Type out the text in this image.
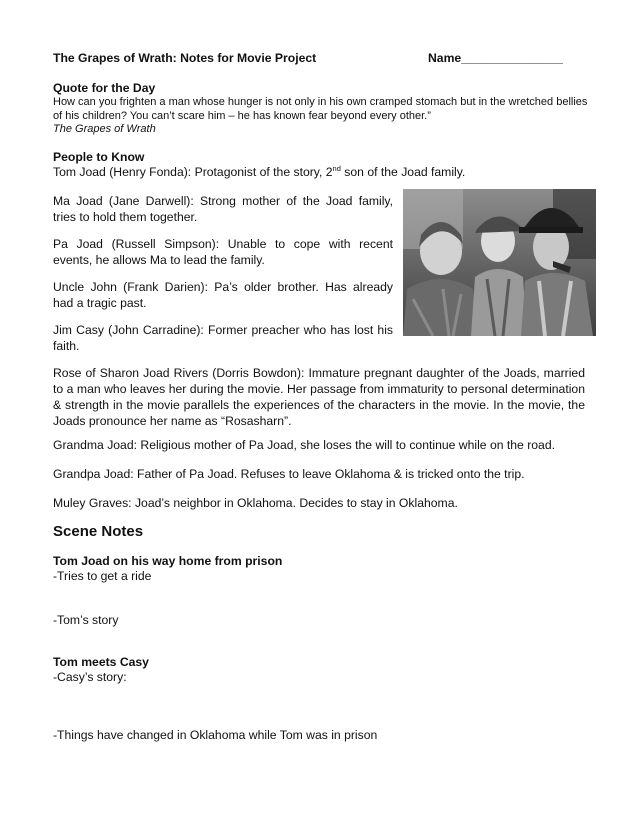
The Grapes of Wrath: Notes for Movie Project	Name_______________
Quote for the Day
How can you frighten a man whose hunger is not only in his own cramped stomach but in the wretched bellies of his children? You can’t scare him – he has known fear beyond every other.”
The Grapes of Wrath
People to Know
Tom Joad (Henry Fonda): Protagonist of the story, 2nd son of the Joad family.
Ma Joad (Jane Darwell): Strong mother of the Joad family, tries to hold them together.
Pa Joad (Russell Simpson): Unable to cope with recent events, he allows Ma to lead the family.
Uncle John (Frank Darien): Pa’s older brother. Has already had a tragic past.
Jim Casy (John Carradine): Former preacher who has lost his faith.
Rose of Sharon Joad Rivers (Dorris Bowdon): Immature pregnant daughter of the Joads, married to a man who leaves her during the movie. Her passage from immaturity to personal determination & strength in the movie parallels the experiences of the characters in the movie. In the movie, the Joads pronounce her name as “Rosasharn”.
Grandma Joad: Religious mother of Pa Joad, she loses the will to continue while on the road.
Grandpa Joad: Father of Pa Joad. Refuses to leave Oklahoma & is tricked onto the trip.
Muley Graves: Joad’s neighbor in Oklahoma. Decides to stay in Oklahoma.
Scene Notes
Tom Joad on his way home from prison
-Tries to get a ride
-Tom’s story
Tom meets Casy
-Casy’s story:
-Things have changed in Oklahoma while Tom was in prison
